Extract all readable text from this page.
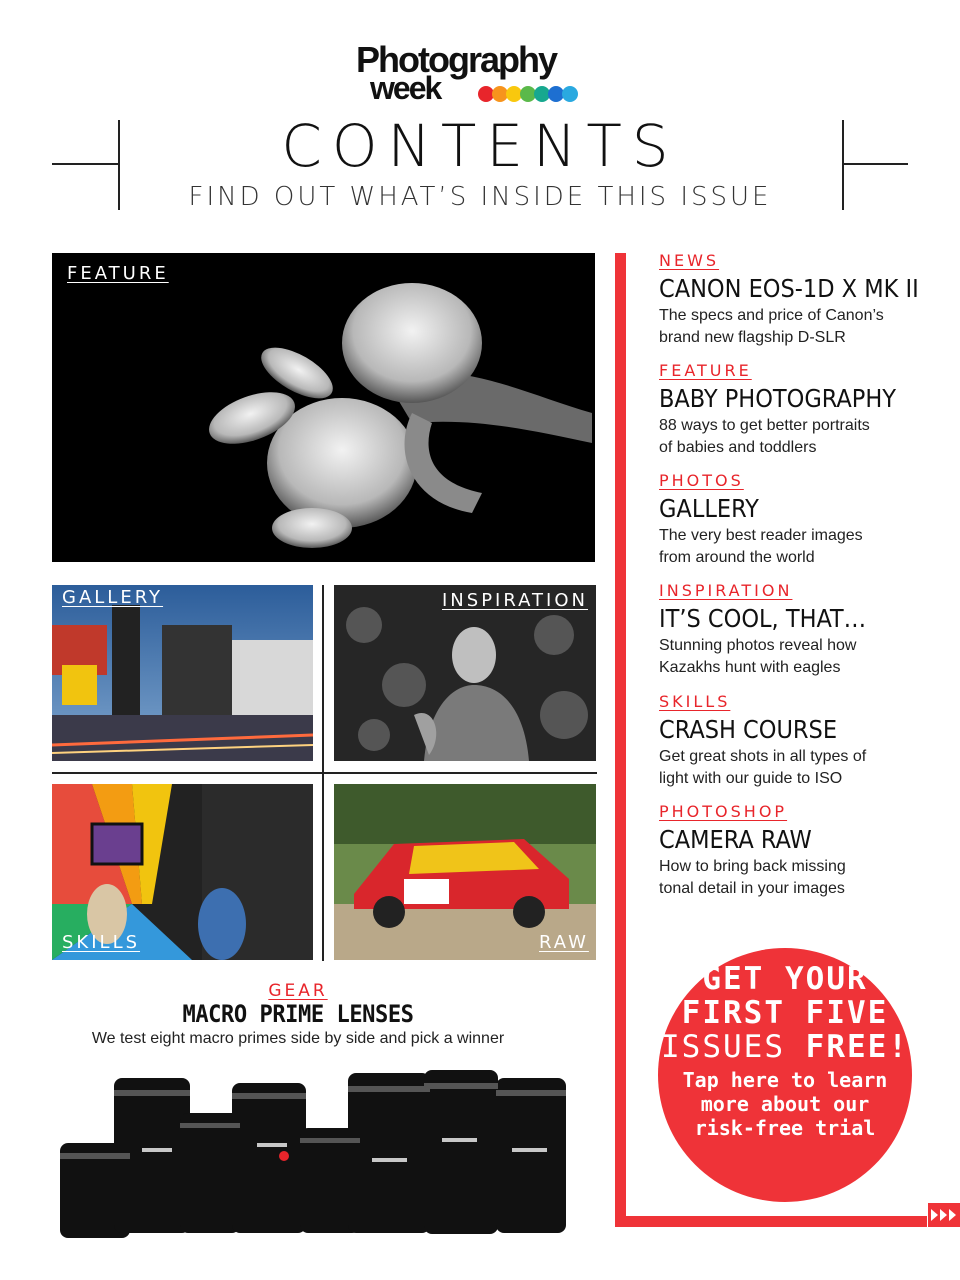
Photography
week
CONTENTS
FIND OUT WHAT’S INSIDE THIS ISSUE
FEATURE
GALLERY	INSPIRATION
SKILLS	RAW
GEAR
MACRO PRIME LENSES
We test eight macro primes side by side and pick a winner
NEWS
CANON EOS-1D X MK II
The specs and price of Canon’s
brand new flagship D-SLR
FEATURE
BABY PHOTOGRAPHY
88 ways to get better portraits
of babies and toddlers
PHOTOS
GALLERY
The very best reader images
from around the world
INSPIRATION
IT’S COOL, THAT…
Stunning photos reveal how
Kazakhs hunt with eagles
SKILLS
CRASH COURSE
Get great shots in all types of
light with our guide to ISO
PHOTOSHOP
CAMERA RAW
How to bring back missing
tonal detail in your images
GET YOUR
FIRST FIVE
ISSUES FREE!
Tap here to learn more about our risk-free trial
